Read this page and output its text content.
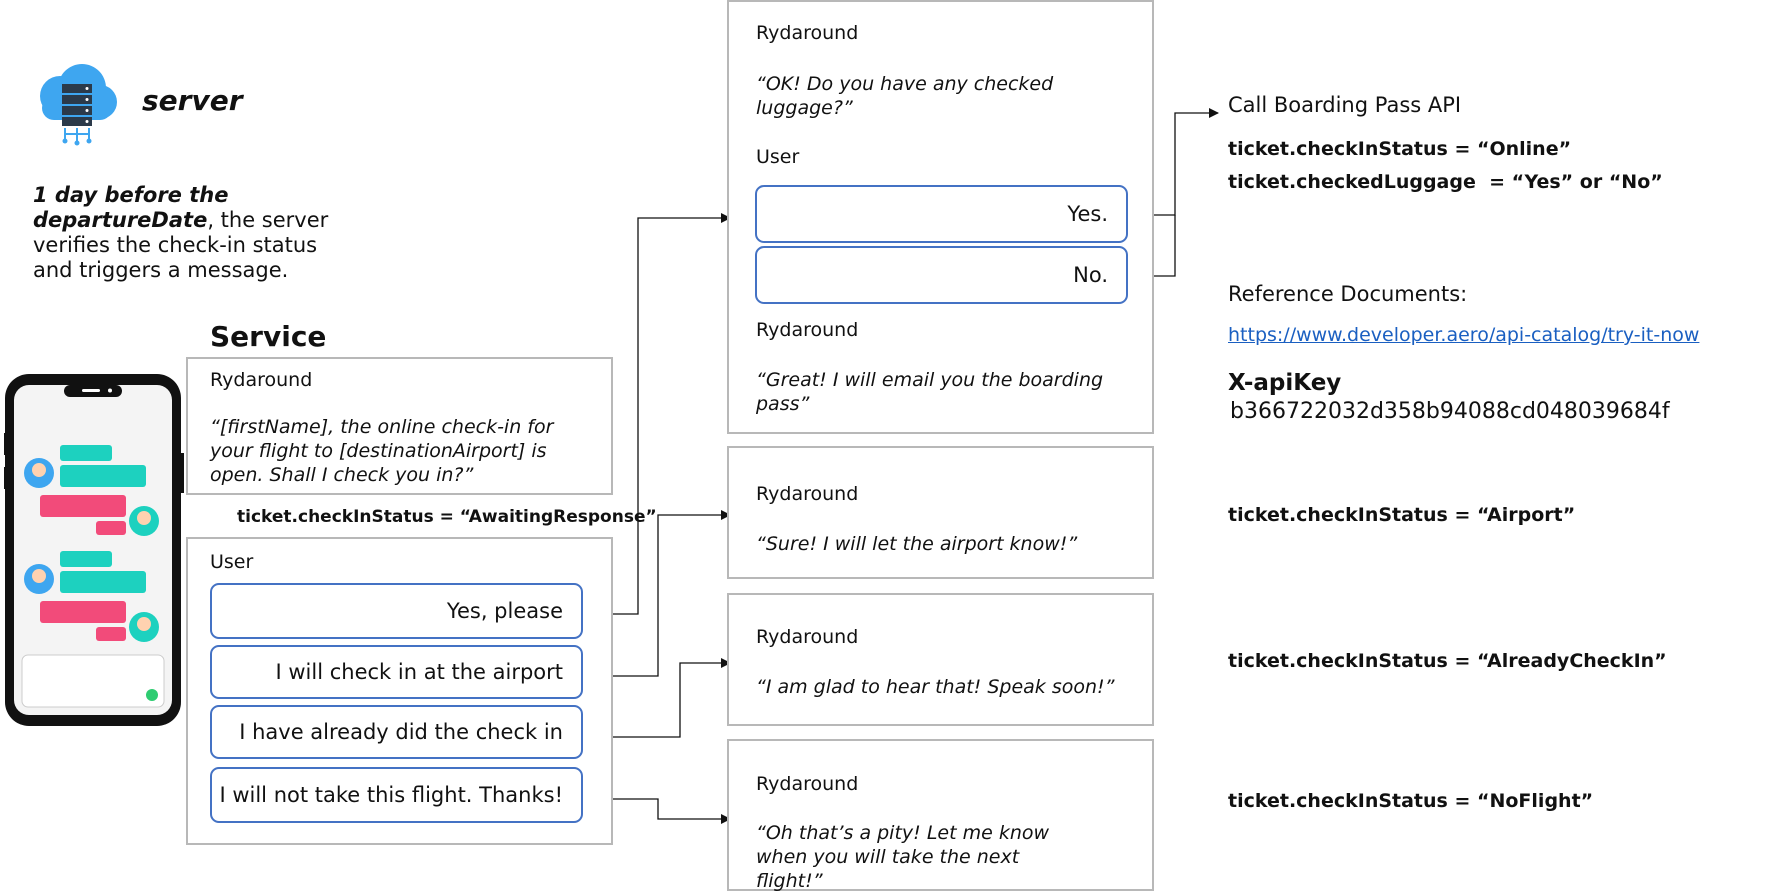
server
1 day before the departureDate, the server verifies the check-in status and triggers a message.
Service
Rydaround
“[firstName], the online check-in for your flight to [destinationAirport] is open. Shall I check you in?”
ticket.checkInStatus = “AwaitingResponse”
User
Yes, please
I will check in at the airport
I have already did the check in
I will not take this flight. Thanks!
Rydaround
“OK! Do you have any checked luggage?”
User
Rydaround
“Great! I will email you the boarding pass”
Yes.
No.
Rydaround
“Sure! I will let the airport know!”
Rydaround
“I am glad to hear that! Speak soon!”
Rydaround
“Oh that’s a pity! Let me know when you will take the next flight!”
Call Boarding Pass API
ticket.checkInStatus = “Online”
ticket.checkedLuggage  = “Yes” or “No”
Reference Documents:
https://www.developer.aero/api-catalog/try-it-now
X-apiKey
b366722032d358b94088cd048039684f
ticket.checkInStatus = “Airport”
ticket.checkInStatus = “AlreadyCheckIn”
ticket.checkInStatus = “NoFlight”
